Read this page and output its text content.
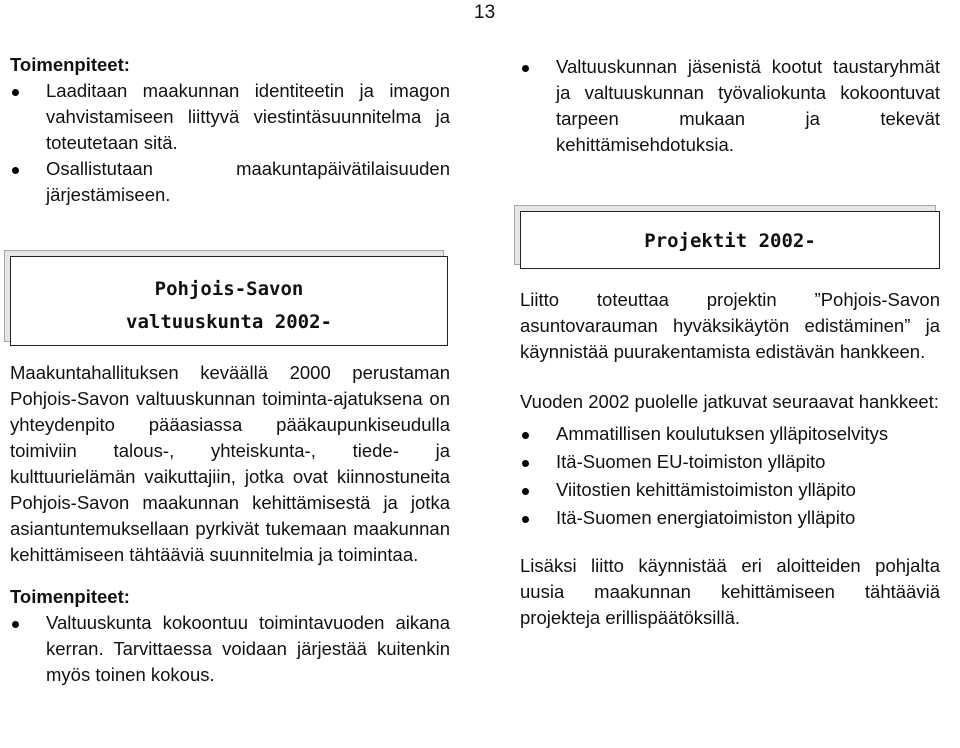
13
Toimenpiteet:
Laaditaan maakunnan identiteetin ja imagon vahvistamiseen liittyvä viestintäsuunnitelma ja toteutetaan sitä.
Osallistutaan maakuntapäivätilaisuuden järjestämiseen.
Pohjois-Savon
valtuuskunta 2002-

Maakuntahallituksen keväällä 2000 perustaman Pohjois-Savon valtuuskunnan toiminta-ajatuksena on yhteydenpito pääasiassa pääkaupunkiseudulla toimiviin talous-, yhteiskunta-, tiede- ja kulttuurielämän vaikuttajiin, jotka ovat kiinnostuneita Pohjois-Savon maakunnan kehittämisestä ja jotka asiantuntemuksellaan pyrkivät tukemaan maakunnan kehittämiseen tähtääviä suunnitelmia ja toimintaa.

Toimenpiteet:
Valtuuskunta kokoontuu toimintavuoden aikana kerran. Tarvittaessa voidaan järjestää kuitenkin myös toinen kokous.
Valtuuskunnan jäsenistä kootut taustaryhmät ja valtuuskunnan työvaliokunta kokoontuvat tarpeen mukaan ja tekevät kehittämisehdotuksia.
Projektit 2002-

Liitto toteuttaa projektin ”Pohjois-Savon asuntovarauman hyväksikäytön edistäminen” ja käynnistää puurakentamista edistävän hankkeen.

Vuoden 2002 puolelle jatkuvat seuraavat hankkeet:

Ammatillisen koulutuksen ylläpitoselvitys
Itä-Suomen EU-toimiston ylläpito
Viitostien kehittämistoimiston ylläpito
Itä-Suomen energiatoimiston ylläpito

Lisäksi liitto käynnistää eri aloitteiden pohjalta uusia maakunnan kehittämiseen tähtääviä projekteja erillispäätöksillä.
